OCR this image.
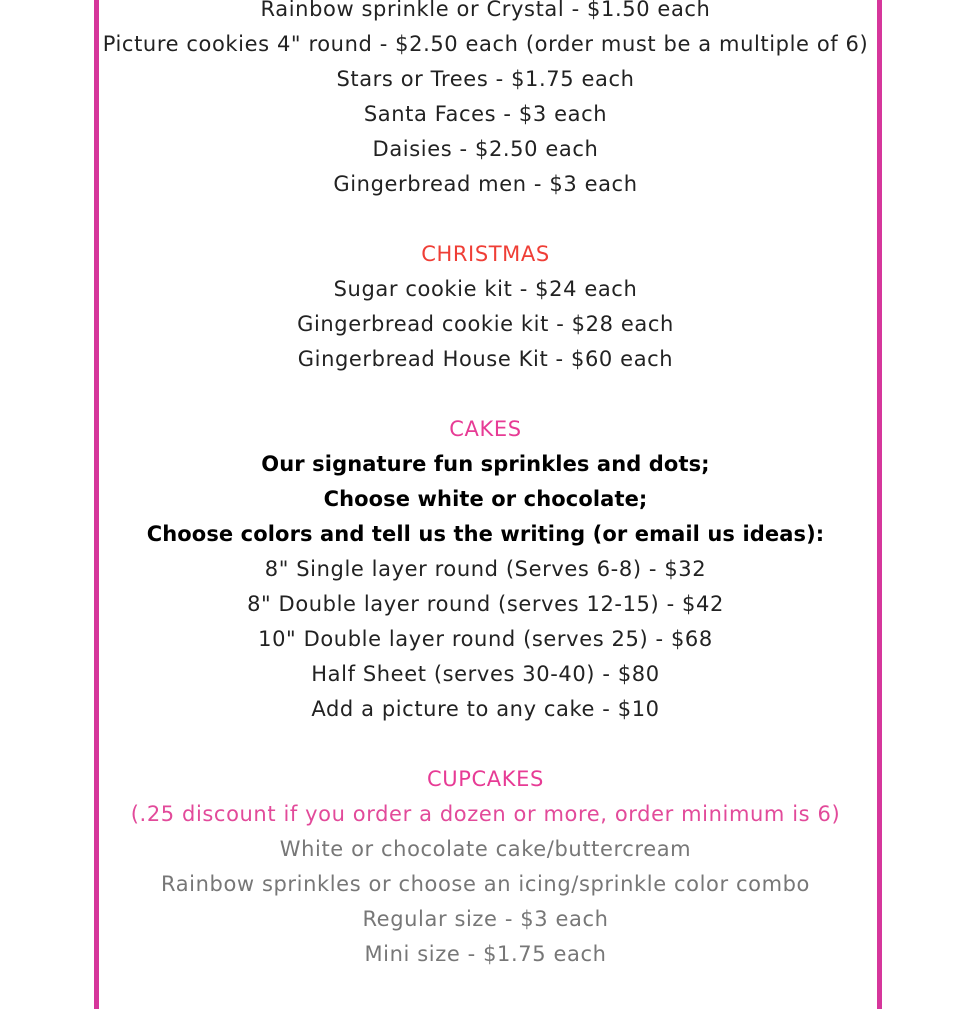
Rainbow sprinkle or Crystal - $1.50 each
Picture cookies 4" round - $2.50 each (order must be a multiple of 6)
Stars or Trees - $1.75 each
Santa Faces - $3 each
Daisies - $2.50 each
Gingerbread men - $3 each
CHRISTMAS
Sugar cookie kit - $24 each
Gingerbread cookie kit - $28 each
Gingerbread House Kit - $60 each
CAKES
Our signature fun sprinkles and dots;
Choose white or chocolate;
Choose colors and tell us the writing (or email us ideas):
8" Single layer round (Serves 6-8) - $32
8" Double layer round (serves 12-15) - $42
10" Double layer round (serves 25) - $68
Half Sheet (serves 30-40) - $80
Add a picture to any cake - $10
CUPCAKES
(.25 discount if you order a dozen or more, order minimum is 6)
White or chocolate cake/buttercream
Rainbow sprinkles or choose an icing/sprinkle color combo
Regular size - $3 each
Mini size - $1.75 each
